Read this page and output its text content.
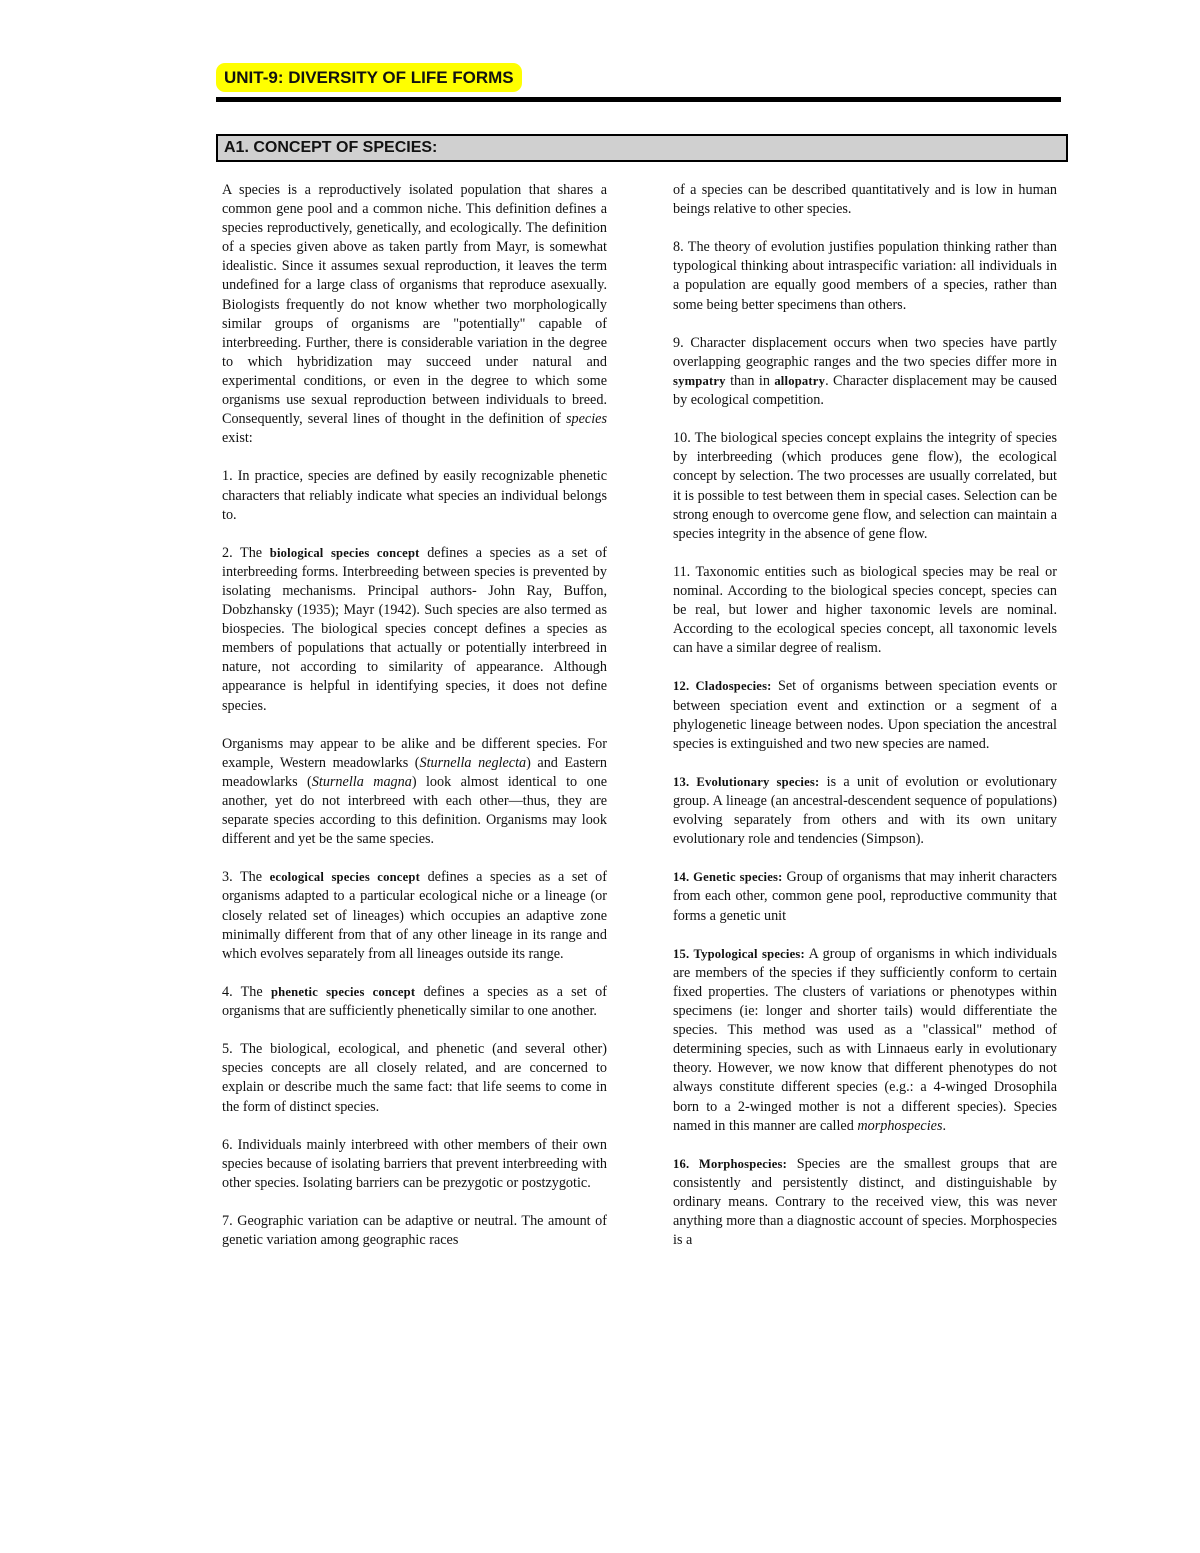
UNIT-9: DIVERSITY OF LIFE FORMS
A1. CONCEPT OF SPECIES:

A species is a reproductively isolated population that shares a common gene pool and a common niche. This definition defines a species reproductively, genetically, and ecologically. The definition of a species given above as taken partly from Mayr, is somewhat idealistic. Since it assumes sexual reproduction, it leaves the term undefined for a large class of organisms that reproduce asexually. Biologists frequently do not know whether two morphologically similar groups of organisms are "potentially" capable of interbreeding. Further, there is considerable variation in the degree to which hybridization may succeed under natural and experimental conditions, or even in the degree to which some organisms use sexual reproduction between individuals to breed. Consequently, several lines of thought in the definition of species exist:

1. In practice, species are defined by easily recognizable phenetic characters that reliably indicate what species an individual belongs to.

2. The biological species concept defines a species as a set of interbreeding forms. Interbreeding between species is prevented by isolating mechanisms. Principal authors- John Ray, Buffon, Dobzhansky (1935); Mayr (1942). Such species are also termed as biospecies. The biological species concept defines a species as members of populations that actually or potentially interbreed in nature, not according to similarity of appearance. Although appearance is helpful in identifying species, it does not define species.

Organisms may appear to be alike and be different species. For example, Western meadowlarks (Sturnella neglecta) and Eastern meadowlarks (Sturnella magna) look almost identical to one another, yet do not interbreed with each other—thus, they are separate species according to this definition. Organisms may look different and yet be the same species.

3. The ecological species concept defines a species as a set of organisms adapted to a particular ecological niche or a lineage (or closely related set of lineages) which occupies an adaptive zone minimally different from that of any other lineage in its range and which evolves separately from all lineages outside its range.

4. The phenetic species concept defines a species as a set of organisms that are sufficiently phenetically similar to one another.

5. The biological, ecological, and phenetic (and several other) species concepts are all closely related, and are concerned to explain or describe much the same fact: that life seems to come in the form of distinct species.

6. Individuals mainly interbreed with other members of their own species because of isolating barriers that prevent interbreeding with other species. Isolating barriers can be prezygotic or postzygotic.

7. Geographic variation can be adaptive or neutral. The amount of genetic variation among geographic races

of a species can be described quantitatively and is low in human beings relative to other species.

8. The theory of evolution justifies population thinking rather than typological thinking about intraspecific variation: all individuals in a population are equally good members of a species, rather than some being better specimens than others.

9. Character displacement occurs when two species have partly overlapping geographic ranges and the two species differ more in sympatry than in allopatry. Character displacement may be caused by ecological competition.

10. The biological species concept explains the integrity of species by interbreeding (which produces gene flow), the ecological concept by selection. The two processes are usually correlated, but it is possible to test between them in special cases. Selection can be strong enough to overcome gene flow, and selection can maintain a species integrity in the absence of gene flow.

11. Taxonomic entities such as biological species may be real or nominal. According to the biological species concept, species can be real, but lower and higher taxonomic levels are nominal. According to the ecological species concept, all taxonomic levels can have a similar degree of realism.

12. Cladospecies: Set of organisms between speciation events or between speciation event and extinction or a segment of a phylogenetic lineage between nodes. Upon speciation the ancestral species is extinguished and two new species are named.

13. Evolutionary species: is a unit of evolution or evolutionary group. A lineage (an ancestral-descendent sequence of populations) evolving separately from others and with its own unitary evolutionary role and tendencies (Simpson).

14. Genetic species: Group of organisms that may inherit characters from each other, common gene pool, reproductive community that forms a genetic unit

15. Typological species: A group of organisms in which individuals are members of the species if they sufficiently conform to certain fixed properties. The clusters of variations or phenotypes within specimens (ie: longer and shorter tails) would differentiate the species. This method was used as a "classical" method of determining species, such as with Linnaeus early in evolutionary theory. However, we now know that different phenotypes do not always constitute different species (e.g.: a 4-winged Drosophila born to a 2-winged mother is not a different species). Species named in this manner are called morphospecies.

16. Morphospecies: Species are the smallest groups that are consistently and persistently distinct, and distinguishable by ordinary means. Contrary to the received view, this was never anything more than a diagnostic account of species. Morphospecies is a
